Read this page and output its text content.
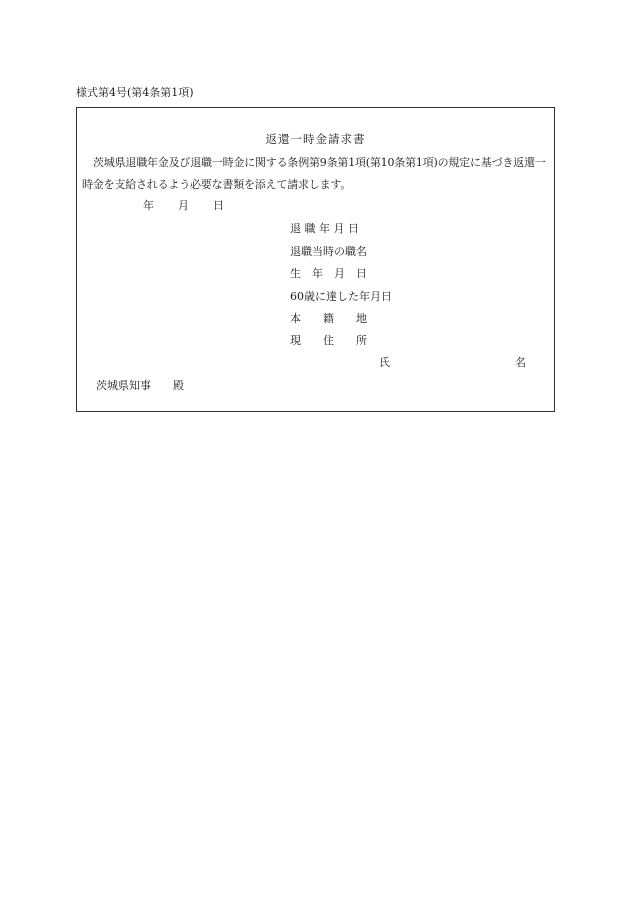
様式第4号(第4条第1項)
返還一時金請求書
茨城県退職年金及び退職一時金に関する条例第9条第1項(第10条第1項)の規定に基づき返還一時金を支給されるよう必要な書類を添えて請求します。
年 月 日
退 職 年 月 日
退職当時の職名
生　年　月　日
60歳に達した年月日
本　　籍　　地
現　　住　　所
氏	名
茨城県知事 殿
